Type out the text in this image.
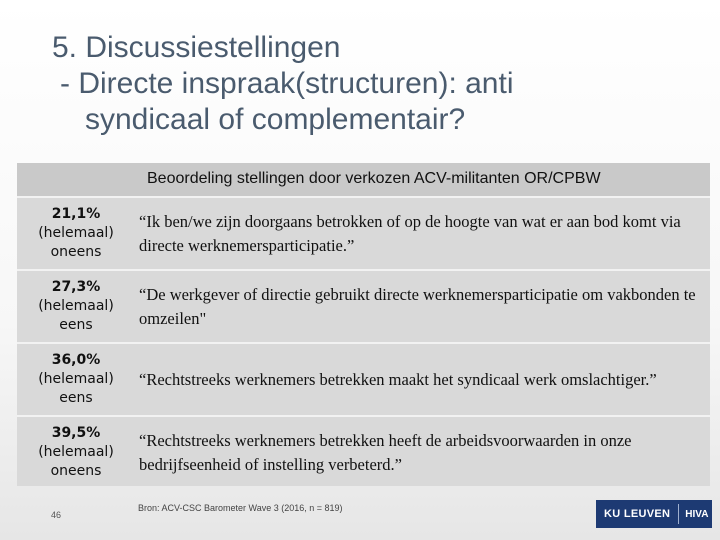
5. Discussiestellingen
- Directe inspraak(structuren): anti
syndicaal of complementair?
Beoordeling stellingen door verkozen ACV-militanten OR/CPBW
21,1%
(helemaal)
oneens
“Ik ben/we zijn doorgaans betrokken of op de hoogte van wat er aan bod komt via directe werknemersparticipatie.”
27,3%
(helemaal)
eens
“De werkgever of directie gebruikt directe werknemersparticipatie om vakbonden te omzeilen"
36,0%
(helemaal)
eens
“Rechtstreeks werknemers betrekken maakt het syndicaal werk omslachtiger.”
39,5%
(helemaal)
oneens
“Rechtstreeks werknemers betrekken heeft de arbeidsvoorwaarden in onze bedrijfseenheid of instelling verbeterd.”
46
Bron: ACV-CSC Barometer Wave 3 (2016, n = 819)	KU LEUVEN	HIVA
